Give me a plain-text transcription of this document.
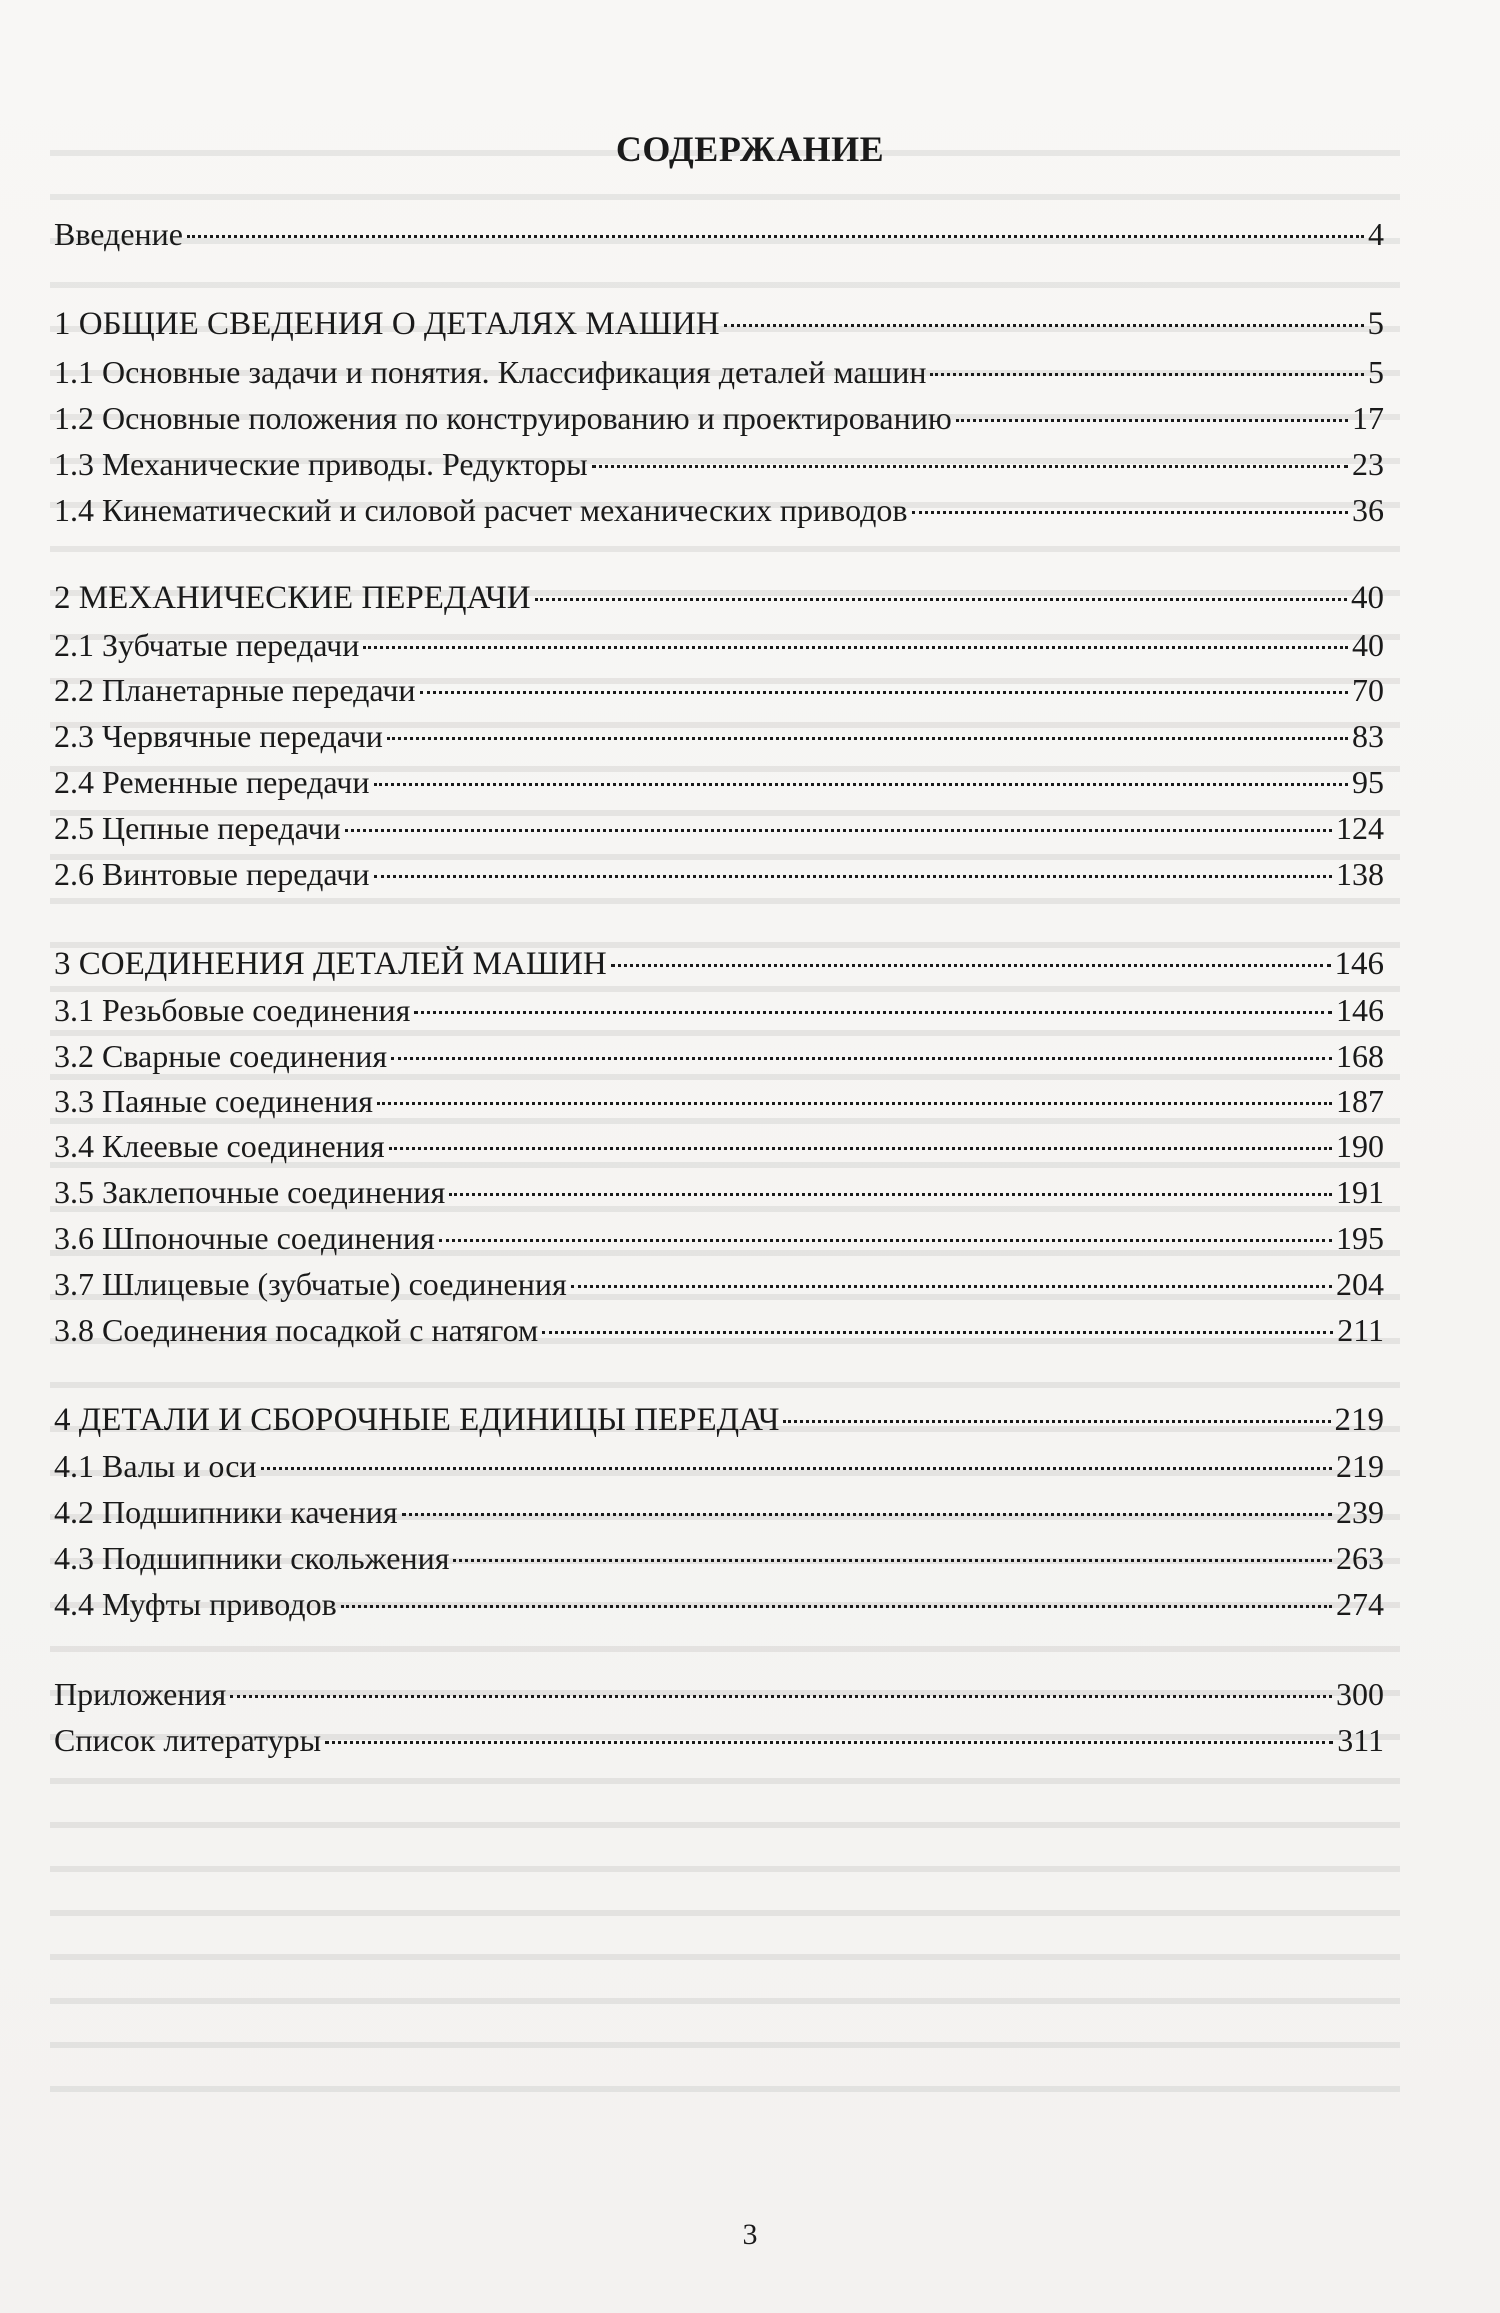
СОДЕРЖАНИЕ
Введение	4
1 ОБЩИЕ СВЕДЕНИЯ О ДЕТАЛЯХ МАШИН	5
1.1 Основные задачи и понятия. Классификация деталей машин	5
1.2 Основные положения по конструированию и проектированию	17
1.3 Механические приводы. Редукторы	23
1.4 Кинематический и силовой расчет механических приводов	36
2 МЕХАНИЧЕСКИЕ ПЕРЕДАЧИ	40
2.1 Зубчатые передачи	40
2.2 Планетарные передачи	70
2.3 Червячные передачи	83
2.4 Ременные передачи	95
2.5 Цепные передачи	124
2.6 Винтовые передачи	138
3 СОЕДИНЕНИЯ ДЕТАЛЕЙ МАШИН	146
3.1 Резьбовые соединения	146
3.2 Сварные соединения	168
3.3 Паяные соединения	187
3.4 Клеевые соединения	190
3.5 Заклепочные соединения	191
3.6 Шпоночные соединения	195
3.7 Шлицевые (зубчатые) соединения	204
3.8 Соединения посадкой с натягом	211
4 ДЕТАЛИ И СБОРОЧНЫЕ ЕДИНИЦЫ ПЕРЕДАЧ	219
4.1 Валы и оси	219
4.2 Подшипники качения	239
4.3 Подшипники скольжения	263
4.4 Муфты приводов	274
Приложения	300
Список литературы	311
3
